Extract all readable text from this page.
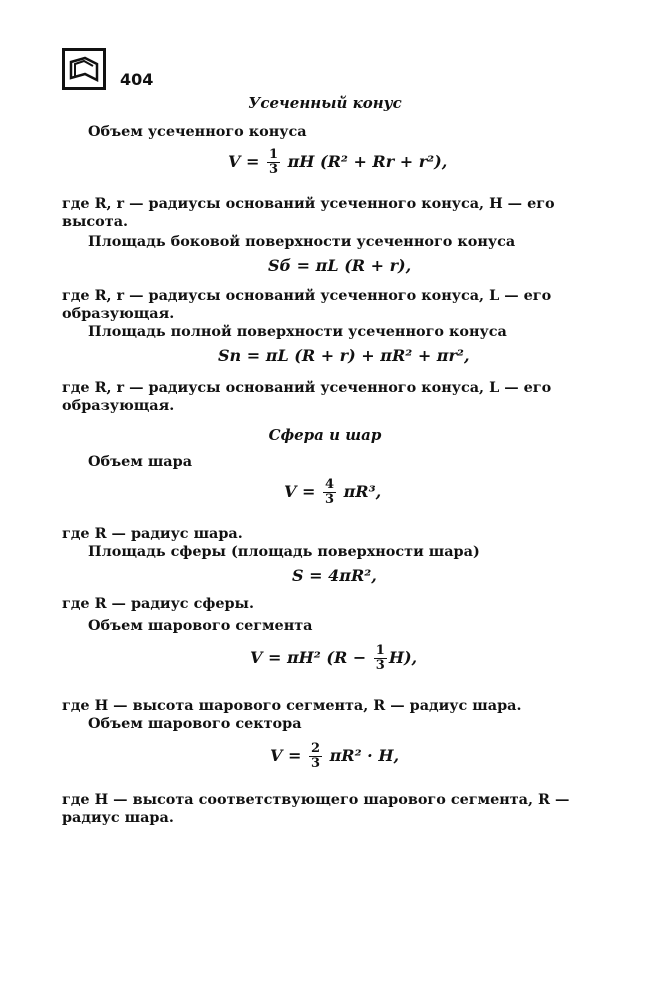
404
Усеченный конус
Объем усеченного конуса
$V = \frac{1}{3}$ πH (R² + Rr + r²),
где R, r — радиусы оснований усеченного конуса, H — его
высота.
Площадь боковой поверхности усеченного конуса
Sб = πL (R + r),
где R, r — радиусы оснований усеченного конуса, L — его
образующая.
Площадь полной поверхности усеченного конуса
Sп = πL (R + r) + πR² + πr²,
где R, r — радиусы оснований усеченного конуса, L — его
образующая.
Сфера и шар
Объем шара
$V = \frac{4}{3} \pi R^3$,
где R — радиус шара.
Площадь сферы (площадь поверхности шара)
S = 4πR²,
где R — радиус сферы.
Объем шарового сегмента
V = πH² $(R - \frac{1}{3} H)$,
где H — высота шарового сегмента, R — радиус шара.
Объем шарового сектора
$V = \frac{2}{3} \pi R^2 \cdot H$,
где H — высота соответствующего шарового сегмента, R —
радиус шара.
